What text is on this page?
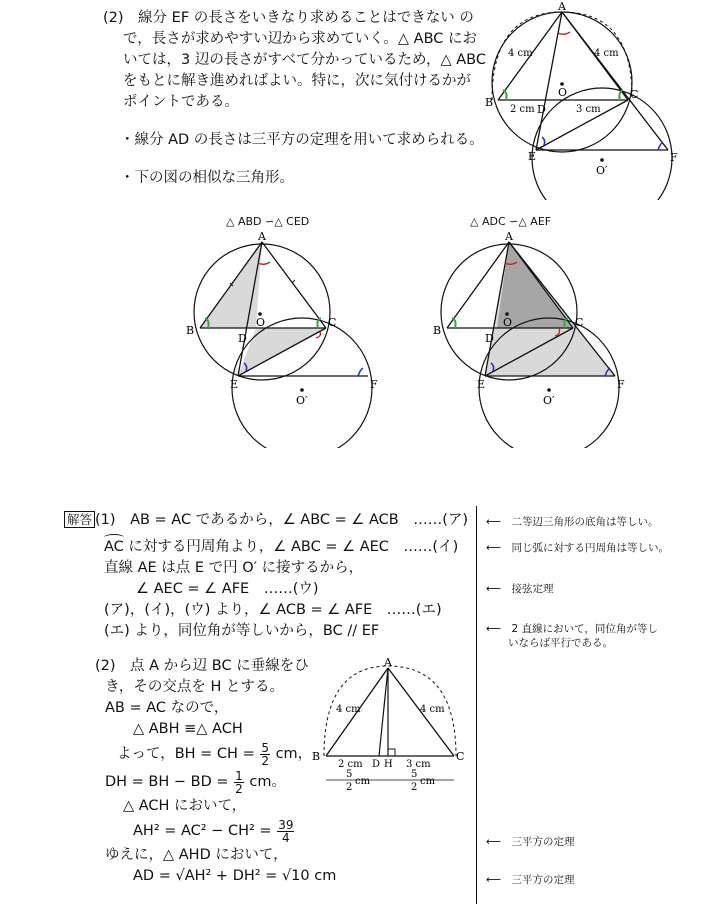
(2)　 線分 EF の長さをいきなり求めることはできない の
で，長さが求めやすい辺から求めていく。△ ABC にお
いては，3 辺の長さがすべて分かっているため，△ ABC
をもとに解き進めればよい。特に，次に気付けるかが
ポイントである。
・線分 AD の長さは三平方の定理を用いて求められる。
・下の図の相似な三角形。
A
B
C
D
E	F
O
O′
4 cm	4 cm
2 cm	3 cm
△ ABD ∽△ CED
A
B
C
D
E	F
O
O′
△ ADC ∽△ AEF
A
B
C
D
E	F
O
O′
解答 (1)　 AB = AC であるから，∠ ABC = ∠ ACB　……(ア)
AC に対する円周角より，∠ ABC = ∠ AEC　……(イ)
直線 AE は点 E で円 O′ に接するから，
∠ AEC = ∠ AFE　……(ウ)
(ア)，(イ)，(ウ) より，∠ ACB = ∠ AFE　……(エ)
(エ) より，同位角が等しいから，BC // EF
(2)　 点 A から辺 BC に垂線をひ
き，その交点を H とする。
AB = AC なので，
△ ABH ≡△ ACH
よって，BH = CH = $\frac{5}{2}$ cm，
DH = BH − BD = $\frac{1}{2}$ cm。
△ ACH において，
$AH^2 = AC^2 - CH^2 = \frac{39}{4}$
ゆえに，△ AHD において，
AD = √AH² + DH² = √10 cm
A
B	C
D H
4 cm	4 cm
2 cm	3 cm
5
2
cm
5
2
cm
⟵　二等辺三角形の底角は等しい。
⟵　同じ弧に対する円周角は等しい。
⟵　接弦定理
⟵　2 直線において，同位角が等し
いならば平行である。
⟵　三平方の定理
⟵　三平方の定理
